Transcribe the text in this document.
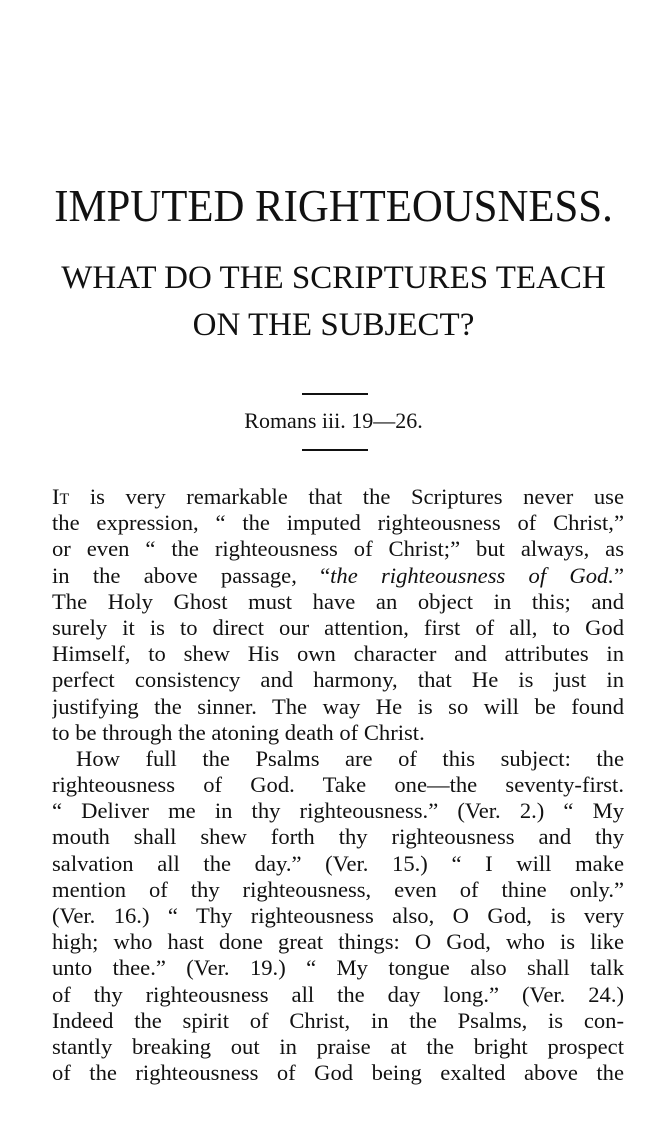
IMPUTED RIGHTEOUSNESS.
WHAT DO THE SCRIPTURES TEACH
ON THE SUBJECT?
Romans iii. 19—26.
It is very remarkable that the Scriptures never use
the expression, “ the imputed righteousness of Christ,”
or even “ the righteousness of Christ;” but always, as
in the above passage, “the righteousness of God.”
The Holy Ghost must have an object in this; and
surely it is to direct our attention, first of all, to God
Himself, to shew His own character and attributes in
perfect consistency and harmony, that He is just in
justifying the sinner. The way He is so will be found
to be through the atoning death of Christ.
How full the Psalms are of this subject: the
righteousness of God. Take one—the seventy-first.
“ Deliver me in thy righteousness.” (Ver. 2.) “ My
mouth shall shew forth thy righteousness and thy
salvation all the day.” (Ver. 15.) “ I will make
mention of thy righteousness, even of thine only.”
(Ver. 16.) “ Thy righteousness also, O God, is very
high; who hast done great things: O God, who is like
unto thee.” (Ver. 19.) “ My tongue also shall talk
of thy righteousness all the day long.” (Ver. 24.)
Indeed the spirit of Christ, in the Psalms, is con-
stantly breaking out in praise at the bright prospect
of the righteousness of God being exalted above the
